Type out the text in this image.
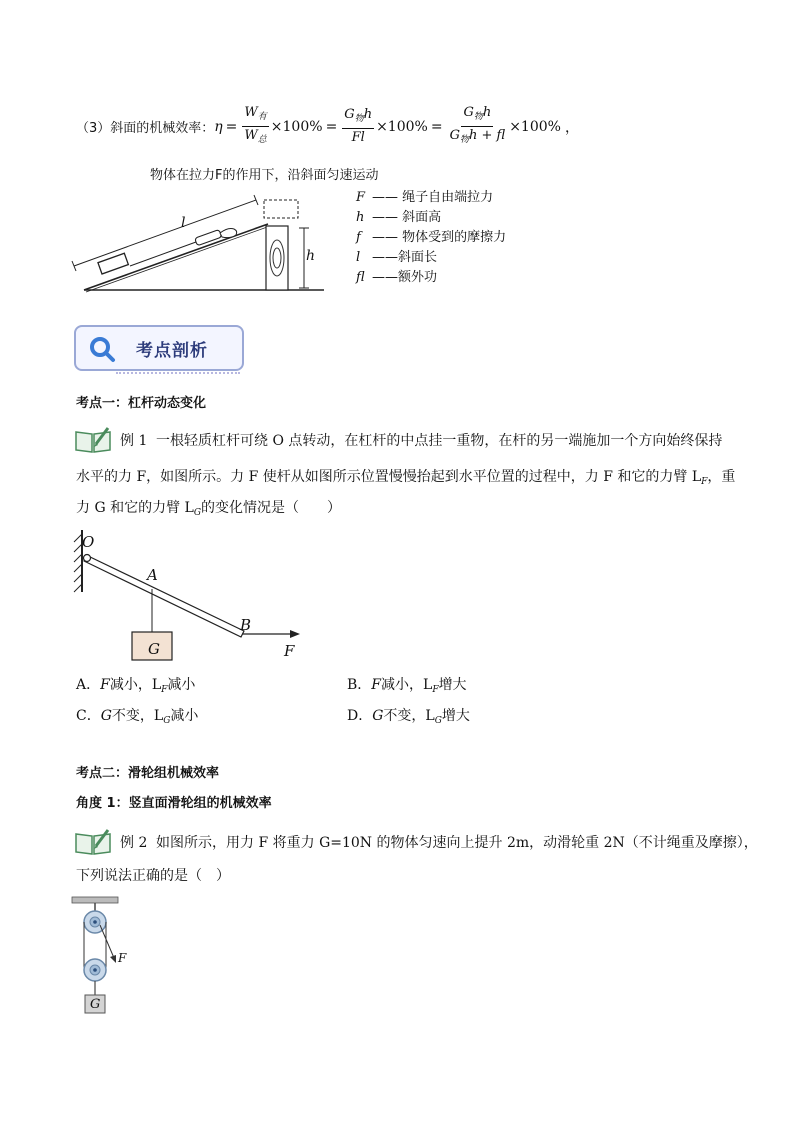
（3）斜面的机械效率： $\eta = \frac{W_有}{W_总} \times 100\% = \frac{G_物h}{Fl} \times 100\% = \frac{G_物h}{G_物h + fl} \times 100\%$ ，
物体在拉力F的作用下，沿斜面匀速运动
l
h
F —— 绳子自由端拉力
h —— 斜面高
f —— 物体受到的摩擦力
l ——斜面长
fl ——额外功
考点剖析
考点一：杠杆动态变化
例 1 一根轻质杠杆可绕 O 点转动，在杠杆的中点挂一重物，在杆的另一端施加一个方向始终保持
水平的力 F，如图所示。力 F 使杆从如图所示位置慢慢抬起到水平位置的过程中，力 F 和它的力臂 $L_F$，重
力 G 和它的力臂 $L_G$的变化情况是（　　）
O
A
B
F
G
A．F减小，$L_F$减小	B．F减小，$L_F$增大
C．G不变，$L_G$减小	D．G不变，$L_G$增大
考点二：滑轮组机械效率
角度 1：竖直面滑轮组的机械效率
例 2 如图所示，用力 F 将重力 G=10N 的物体匀速向上提升 2m，动滑轮重 2N（不计绳重及摩擦），
下列说法正确的是（　）
F
G
